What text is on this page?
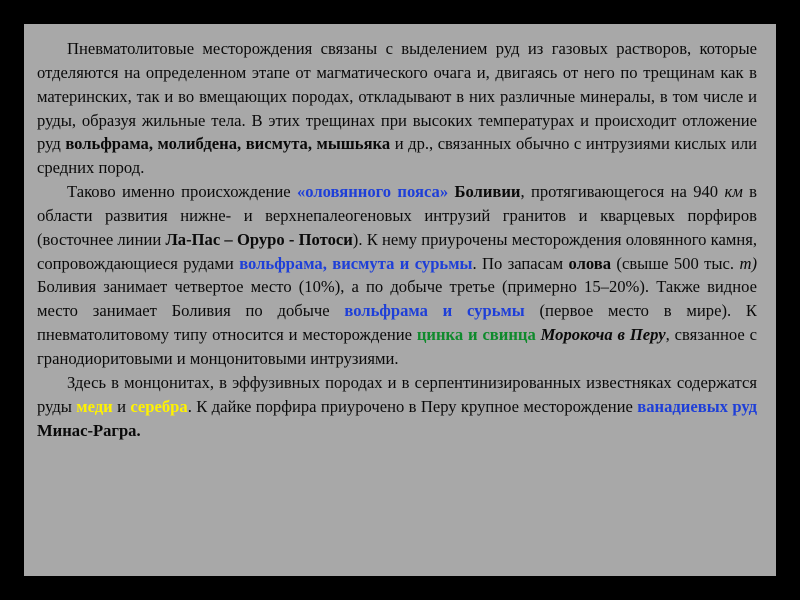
Пневматолитовые месторождения связаны с выделением руд из газовых растворов, которые отделяются на определенном этапе от магматического очага и, двигаясь от него по трещинам как в материнских, так и во вмещающих породах, откладывают в них различные минералы, в том числе и руды, образуя жильные тела. В этих трещинах при высоких температурах и происходит отложение руд вольфрама, молибдена, висмута, мышьяка и др., связанных обычно с интрузиями кислых или средних пород.

Таково именно происхождение «оловянного пояса» Боливии, протягивающегося на 940 км в области развития нижне- и верхнепалеогеновых интрузий гранитов и кварцевых порфиров (восточнее линии Ла-Пас – Оруро - Потоси). К нему приурочены месторождения оловянного камня, сопровождающиеся рудами вольфрама, висмута и сурьмы. По запасам олова (свыше 500 тыс. т) Боливия занимает четвертое место (10%), а по добыче третье (примерно 15–20%). Также видное место занимает Боливия по добыче вольфрама и сурьмы (первое место в мире). К пневматолитовому типу относится и месторождение цинка и свинца Морокоча в Перу, связанное с гранодиоритовыми и монцонитовыми интрузиями.

Здесь в монцонитах, в эффузивных породах и в серпентинизированных известняках содержатся руды меди и серебра. К дайке порфира приурочено в Перу крупное месторождение ванадиевых руд Минас-Рагра.
